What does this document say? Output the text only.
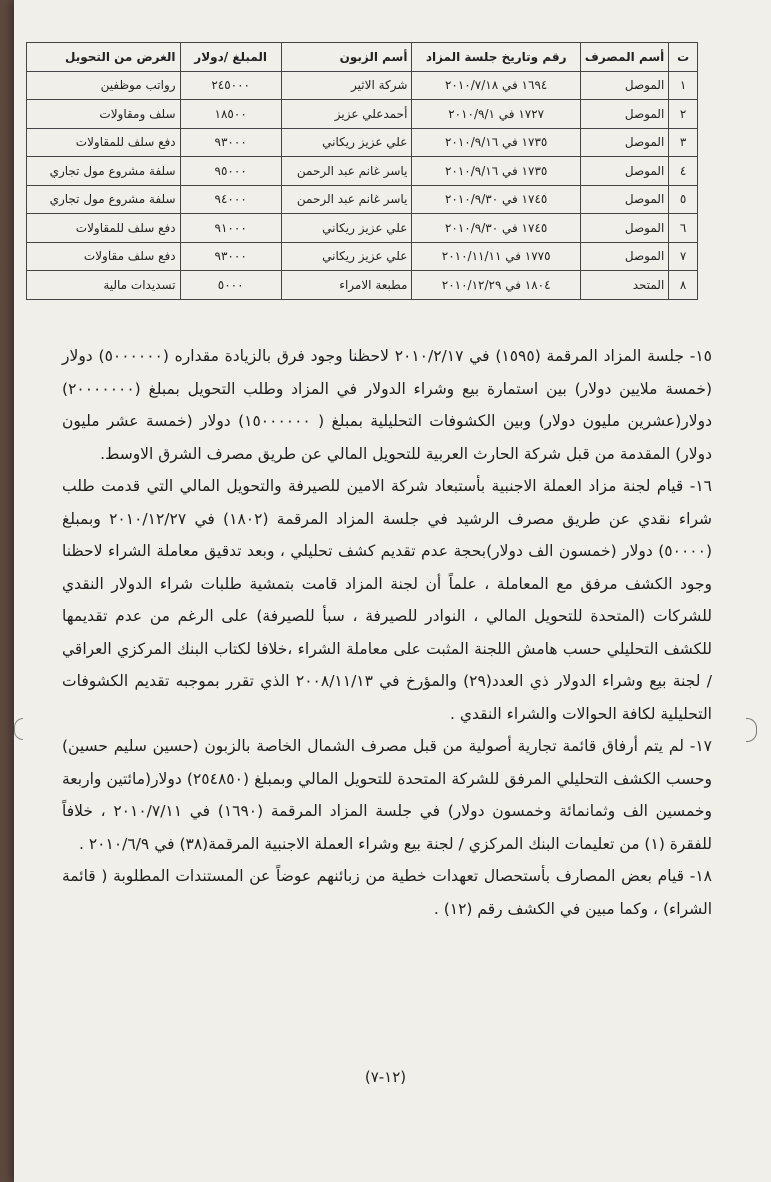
ت	أسم المصرف	رقم وتاريخ جلسة المزاد	أسم الزبون	المبلغ /دولار	الغرض من التحويل
١	الموصل	١٦٩٤ في ٢٠١٠/٧/١٨	شركة الاثير	٢٤٥٠٠٠	رواتب موظفين
٢	الموصل	١٧٢٧ في ٢٠١٠/٩/١	أحمدعلي عزيز	١٨٥٠٠	سلف ومقاولات
٣	الموصل	١٧٣٥ في ٢٠١٠/٩/١٦	علي عزيز ريكاني	٩٣٠٠٠	دفع سلف للمقاولات
٤	الموصل	١٧٣٥ في ٢٠١٠/٩/١٦	ياسر غانم عبد الرحمن	٩٥٠٠٠	سلفة مشروع مول تجاري
٥	الموصل	١٧٤٥ في ٢٠١٠/٩/٣٠	ياسر غانم عبد الرحمن	٩٤٠٠٠	سلفة مشروع مول تجاري
٦	الموصل	١٧٤٥ في ٢٠١٠/٩/٣٠	علي عزيز ريكاني	٩١٠٠٠	دفع سلف للمقاولات
٧	الموصل	١٧٧٥ في ٢٠١٠/١١/١١	علي عزيز ريكاني	٩٣٠٠٠	دفع سلف مقاولات
٨	المتحد	١٨٠٤ في ٢٠١٠/١٢/٢٩	مطبعة الامراء	٥٠٠٠	تسديدات مالية

١٥- جلسة المزاد المرقمة (١٥٩٥) في ٢٠١٠/٢/١٧ لاحظنا وجود فرق بالزيادة مقداره (٥٠٠٠٠٠٠) دولار (خمسة ملايين دولار) بين استمارة بيع وشراء الدولار في المزاد وطلب التحويل بمبلغ (٢٠٠٠٠٠٠٠) دولار(عشرين مليون دولار) وبين الكشوفات التحليلية بمبلغ ( ١٥٠٠٠٠٠٠) دولار (خمسة عشر مليون دولار) المقدمة من قبل شركة الحارث العربية للتحويل المالي عن طريق مصرف الشرق الاوسط.

١٦- قيام لجنة مزاد العملة الاجنبية بأستبعاد شركة الامين للصيرفة والتحويل المالي التي قدمت طلب شراء نقدي عن طريق مصرف الرشيد في جلسة المزاد المرقمة (١٨٠٢) في ٢٠١٠/١٢/٢٧ وبمبلغ (٥٠٠٠٠) دولار (خمسون الف دولار)بحجة عدم تقديم كشف تحليلي ، وبعد تدقيق معاملة الشراء لاحظنا وجود الكشف مرفق مع المعاملة ، علماً أن لجنة المزاد قامت بتمشية طلبات شراء الدولار النقدي للشركات (المتحدة للتحويل المالي ، النوادر للصيرفة ، سبأ للصيرفة) على الرغم من عدم تقديمها للكشف التحليلي حسب هامش اللجنة المثبت على معاملة الشراء ،خلافا لكتاب البنك المركزي العراقي / لجنة بيع وشراء الدولار ذي العدد(٢٩) والمؤرخ في ٢٠٠٨/١١/١٣ الذي تقرر بموجبه تقديم الكشوفات التحليلية لكافة الحوالات والشراء النقدي .

١٧- لم يتم أرفاق قائمة تجارية أصولية من قبل مصرف الشمال الخاصة بالزبون (حسين سليم حسين) وحسب الكشف التحليلي المرفق للشركة المتحدة للتحويل المالي وبمبلغ (٢٥٤٨٥٠) دولار(مائتين واربعة وخمسين الف وثمانمائة وخمسون دولار) في جلسة المزاد المرقمة (١٦٩٠) في ٢٠١٠/٧/١١ ، خلافاً للفقرة (١) من تعليمات البنك المركزي / لجنة بيع وشراء العملة الاجنبية المرقمة(٣٨) في ٢٠١٠/٦/٩ .

١٨- قيام بعض المصارف بأستحصال تعهدات خطية من زبائنهم عوضاً عن المستندات المطلوبة ( قائمة الشراء) ، وكما مبين في الكشف رقم (١٢) .

(١٢-٧)
